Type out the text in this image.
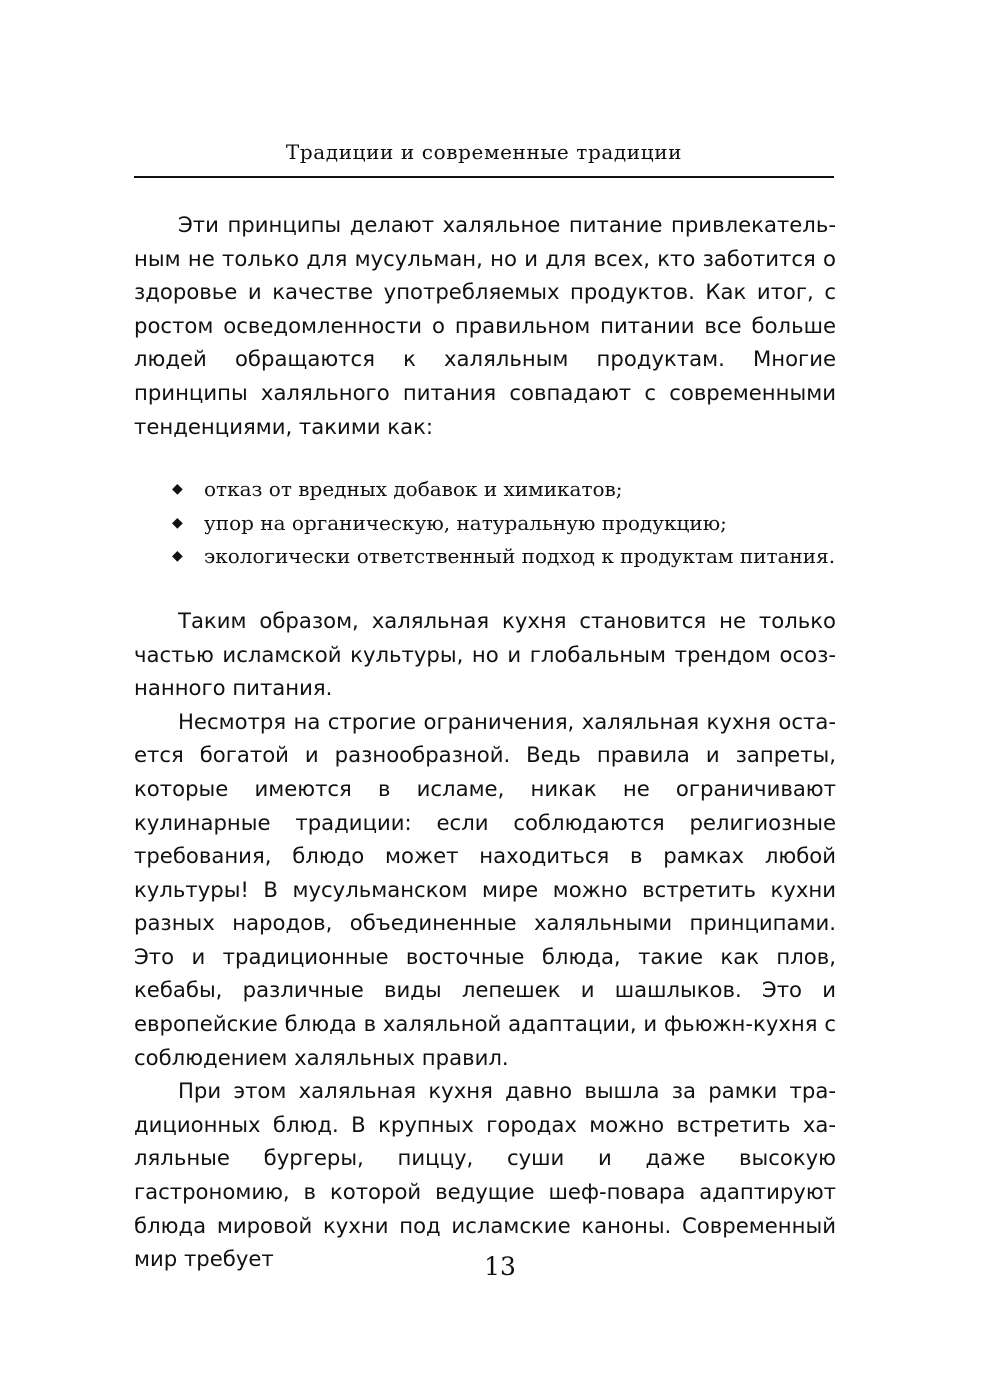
Традиции и современные традиции

Эти принципы делают халяльное питание привлекательным не только для мусульман, но и для всех, кто заботится о здоровье и качестве употребляемых продуктов. Как итог, с ростом осведомленности о правильном питании все больше людей обращаются к халяльным продуктам. Многие принципы халяльного питания совпадают с современными тенденциями, такими как:

◆ отказ от вредных добавок и химикатов;
◆ упор на органическую, натуральную продукцию;
◆ экологически ответственный подход к продуктам питания.

Таким образом, халяльная кухня становится не только частью исламской культуры, но и глобальным трендом осознанного питания.

Несмотря на строгие ограничения, халяльная кухня остается богатой и разнообразной. Ведь правила и запреты, которые имеются в исламе, никак не ограничивают кулинарные традиции: если соблюдаются религиозные требования, блюдо может находиться в рамках любой культуры! В мусульманском мире можно встретить кухни разных народов, объединенные халяльными принципами. Это и традиционные восточные блюда, такие как плов, кебабы, различные виды лепешек и шашлыков. Это и европейские блюда в халяльной адаптации, и фьюжн-кухня с соблюдением халяльных правил.

При этом халяльная кухня давно вышла за рамки традиционных блюд. В крупных городах можно встретить халяльные бургеры, пиццу, суши и даже высокую гастрономию, в которой ведущие шеф-повара адаптируют блюда мировой кухни под исламские каноны. Современный мир требует	13
